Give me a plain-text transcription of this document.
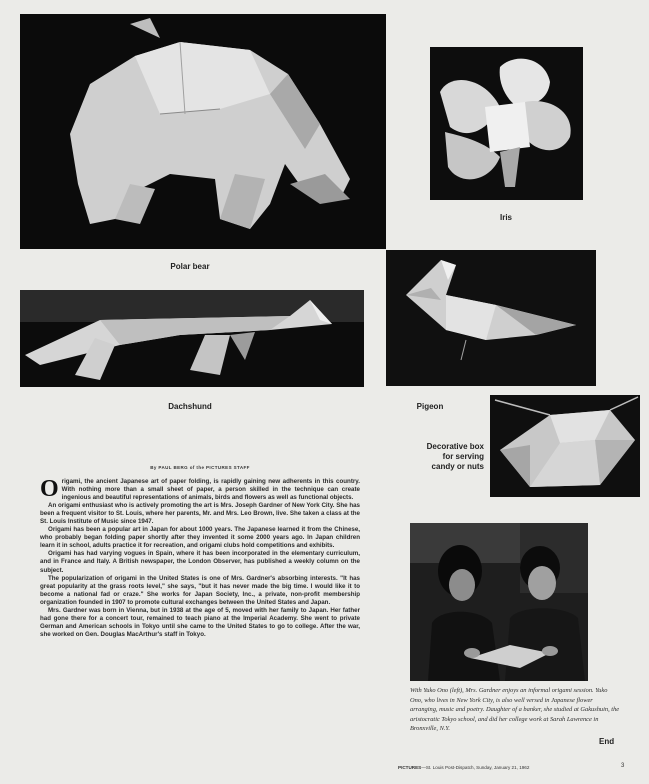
Polar bear
Iris
Dachshund	Pigeon
Decorative box
for serving
candy or nuts
By PAUL BERG of the PICTURES STAFF

Origami, the ancient Japanese art of paper folding, is rapidly gaining new adherents in this country. With nothing more than a small sheet of paper, a person skilled in the technique can create ingenious and beautiful representations of animals, birds and flowers as well as functional objects.

An origami enthusiast who is actively promoting the art is Mrs. Joseph Gardner of New York City. She has been a frequent visitor to St. Louis, where her parents, Mr. and Mrs. Leo Brown, live. She taken a class at the St. Louis Institute of Music since 1947.

Origami has been a popular art in Japan for about 1000 years. The Japanese learned it from the Chinese, who probably began folding paper shortly after they invented it some 2000 years ago. In Japan children learn it in school, adults practice it for recreation, and origami clubs hold competitions and exhibits.

Origami has had varying vogues in Spain, where it has been incorporated in the elementary curriculum, and in France and Italy. A British newspaper, the London Observer, has published a weekly column on the subject.

The popularization of origami in the United States is one of Mrs. Gardner's absorbing interests. "It has great popularity at the grass roots level," she says, "but it has never made the big time. I would like it to become a national fad or craze." She works for Japan Society, Inc., a private, non-profit membership organization founded in 1907 to promote cultural exchanges between the United States and Japan.

Mrs. Gardner was born in Vienna, but in 1938 at the age of 5, moved with her family to Japan. Her father had gone there for a concert tour, remained to teach piano at the Imperial Academy. She went to private German and American schools in Tokyo until she came to the United States to go to college. After the war, she worked on Gen. Douglas MacArthur's staff in Tokyo.

With Yuko Ono (left), Mrs. Gardner enjoys an informal origami session. Yuko Ono, who lives in New York City, is also well versed in Japanese flower arranging, music and poetry. Daughter of a banker, she studied at Gakushuin, the aristocratic Tokyo school, and did her college work at Sarah Lawrence in Bronxville, N.Y.
End
PICTURES—St. Louis Post-Dispatch, Sunday, January 21, 1962	3
